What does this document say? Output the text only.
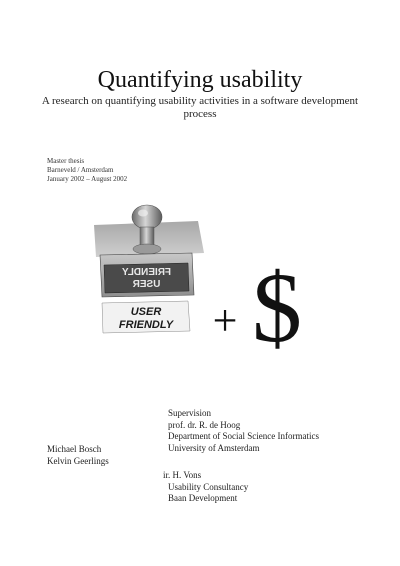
Quantifying usability
A research on quantifying usability activities in a software development process
Master thesis
Barneveld / Amsterdam
January 2002 – August 2002
FRIENDLY
USER
USER
FRIENDLY + $
Supervision
prof. dr. R. de Hoog
Department of Social Science Informatics
University of Amsterdam
Michael Bosch
Kelvin Geerlings
ir. H. Vons
Usability Consultancy
Baan Development
